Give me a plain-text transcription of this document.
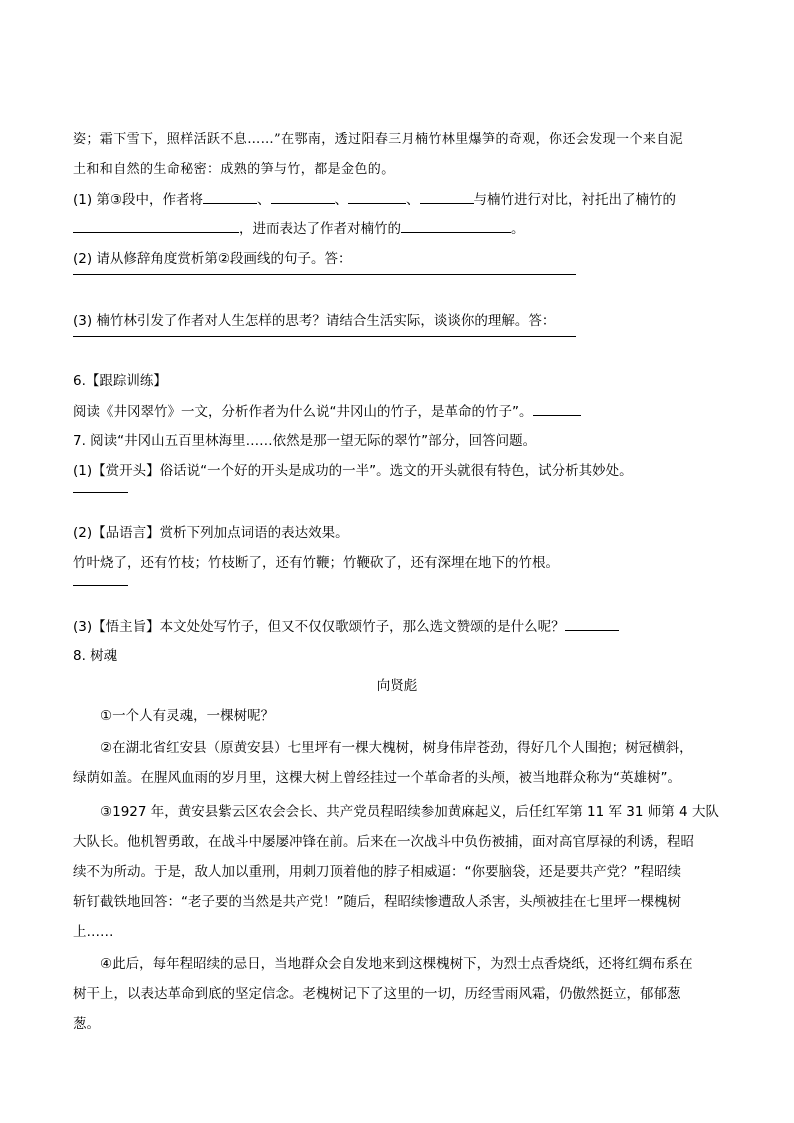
姿；霜下雪下，照样活跃不息……”在鄂南，透过阳春三月楠竹林里爆笋的奇观，你还会发现一个来自泥
土和和自然的生命秘密：成熟的笋与竹，都是金色的。
(1) 第③段中，作者将	、	、	、	与楠竹进行对比，衬托出了楠竹的
，进而表达了作者对楠竹的	。
(2) 请从修辞角度赏析第②段画线的句子。答：
(3) 楠竹林引发了作者对人生怎样的思考？请结合生活实际，谈谈你的理解。答：
6.【跟踪训练】
阅读《井冈翠竹》一文，分析作者为什么说“井冈山的竹子，是革命的竹子”。
7. 阅读“井冈山五百里林海里……依然是那一望无际的翠竹”部分，回答问题。
(1)【赏开头】俗话说“一个好的开头是成功的一半”。选文的开头就很有特色，试分析其妙处。
(2)【品语言】赏析下列加点词语的表达效果。
竹叶烧了，还有竹枝；竹枝断了，还有竹鞭；竹鞭砍了，还有深埋在地下的竹根。
(3)【悟主旨】本文处处写竹子，但又不仅仅歌颂竹子，那么选文赞颂的是什么呢？
8. 树魂
向贤彪
①一个人有灵魂，一棵树呢？
②在湖北省红安县（原黄安县）七里坪有一棵大槐树，树身伟岸苍劲，得好几个人围抱；树冠横斜，
绿荫如盖。在腥风血雨的岁月里，这棵大树上曾经挂过一个革命者的头颅，被当地群众称为“英雄树”。
③1927 年，黄安县紫云区农会会长、共产党员程昭续参加黄麻起义，后任红军第 11 军 31 师第 4 大队
大队长。他机智勇敢，在战斗中屡屡冲锋在前。后来在一次战斗中负伤被捕，面对高官厚禄的利诱，程昭
续不为所动。于是，敌人加以重刑，用刺刀顶着他的脖子相威逼：“你要脑袋，还是要共产党？”程昭续
斩钉截铁地回答：“老子要的当然是共产党！”随后，程昭续惨遭敌人杀害，头颅被挂在七里坪一棵槐树
上……
④此后，每年程昭续的忌日，当地群众会自发地来到这棵槐树下，为烈士点香烧纸，还将红绸布系在
树干上，以表达革命到底的坚定信念。老槐树记下了这里的一切，历经雪雨风霜，仍傲然挺立，郁郁葱
葱。
